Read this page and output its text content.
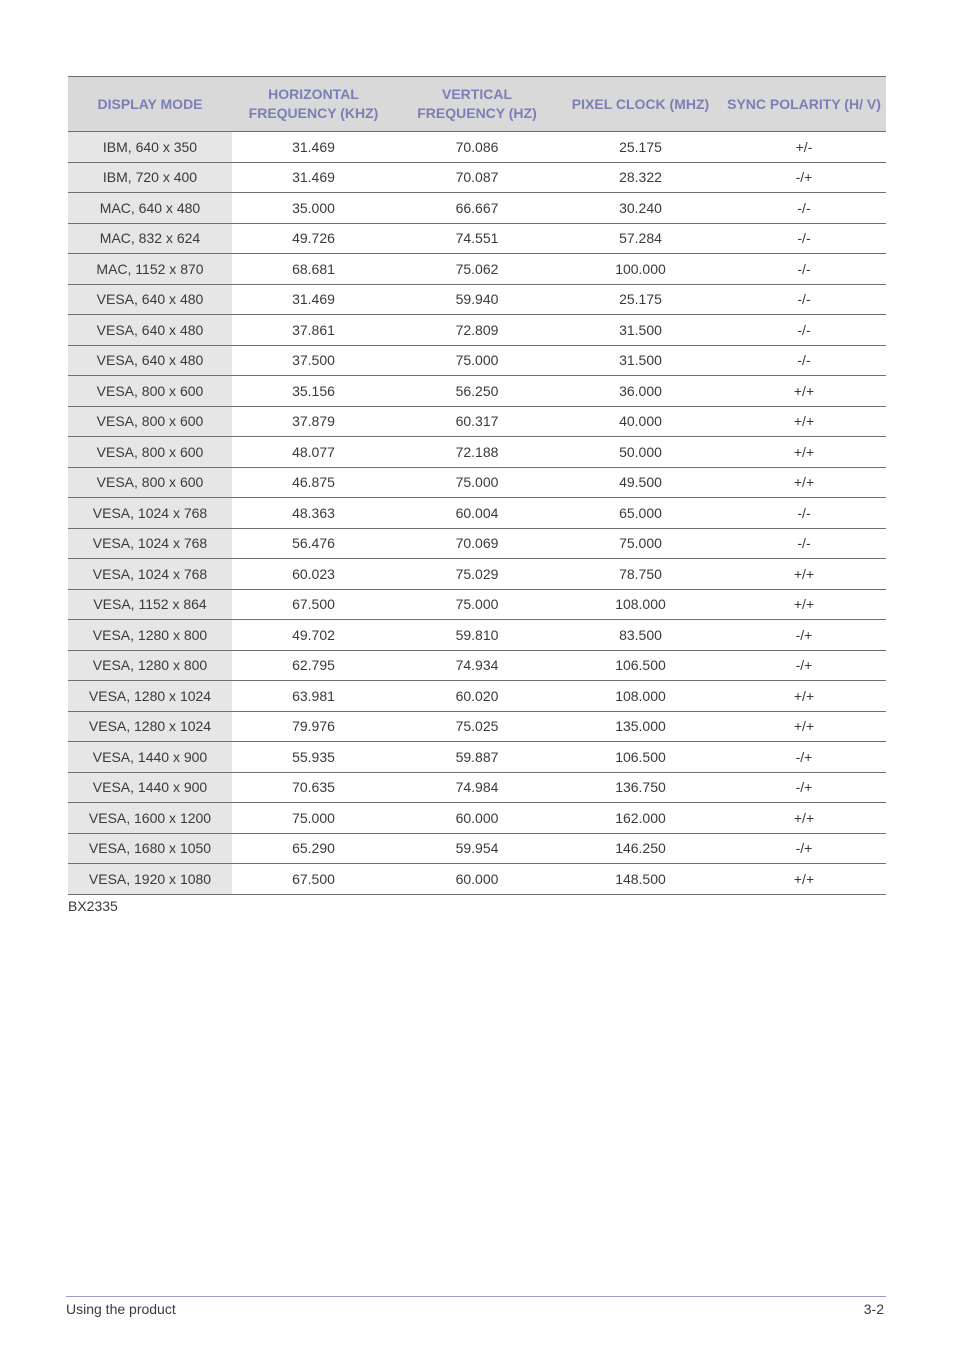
DISPLAY MODE	HORIZONTAL FREQUENCY (KHZ)	VERTICAL FREQUENCY (HZ)	PIXEL CLOCK (MHZ)	SYNC POLARITY (H/ V)
IBM, 640 x 350	31.469	70.086	25.175	+/-
IBM, 720 x 400	31.469	70.087	28.322	-/+
MAC, 640 x 480	35.000	66.667	30.240	-/-
MAC, 832 x 624	49.726	74.551	57.284	-/-
MAC, 1152 x 870	68.681	75.062	100.000	-/-
VESA, 640 x 480	31.469	59.940	25.175	-/-
VESA, 640 x 480	37.861	72.809	31.500	-/-
VESA, 640 x 480	37.500	75.000	31.500	-/-
VESA, 800 x 600	35.156	56.250	36.000	+/+
VESA, 800 x 600	37.879	60.317	40.000	+/+
VESA, 800 x 600	48.077	72.188	50.000	+/+
VESA, 800 x 600	46.875	75.000	49.500	+/+
VESA, 1024 x 768	48.363	60.004	65.000	-/-
VESA, 1024 x 768	56.476	70.069	75.000	-/-
VESA, 1024 x 768	60.023	75.029	78.750	+/+
VESA, 1152 x 864	67.500	75.000	108.000	+/+
VESA, 1280 x 800	49.702	59.810	83.500	-/+
VESA, 1280 x 800	62.795	74.934	106.500	-/+
VESA, 1280 x 1024	63.981	60.020	108.000	+/+
VESA, 1280 x 1024	79.976	75.025	135.000	+/+
VESA, 1440 x 900	55.935	59.887	106.500	-/+
VESA, 1440 x 900	70.635	74.984	136.750	-/+
VESA, 1600 x 1200	75.000	60.000	162.000	+/+
VESA, 1680 x 1050	65.290	59.954	146.250	-/+
VESA, 1920 x 1080	67.500	60.000	148.500	+/+
BX2335
Using the product	3-2
